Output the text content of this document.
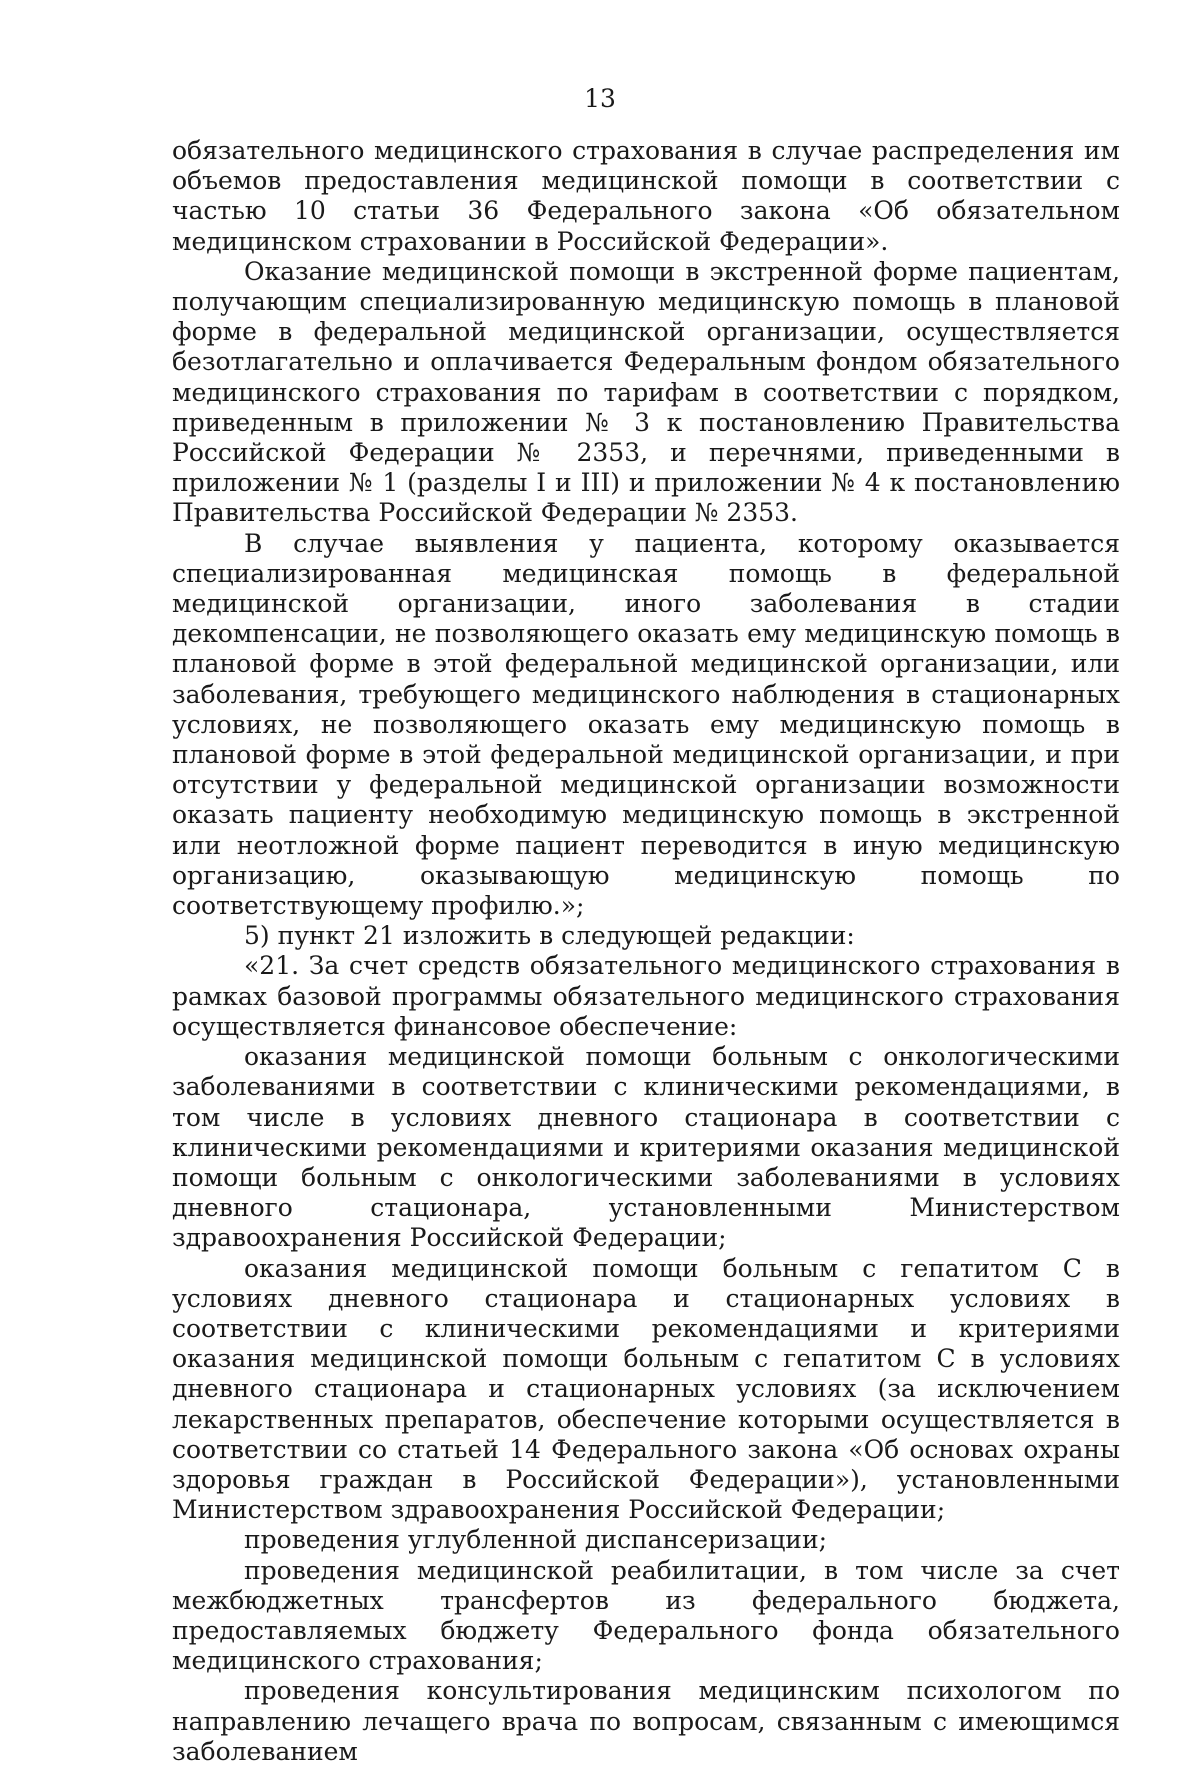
13

обязательного медицинского страхования в случае распределения им объемов предоставления медицинской помощи в соответствии с частью 10 статьи 36 Федерального закона «Об обязательном медицинском страховании в Российской Федерации».

Оказание медицинской помощи в экстренной форме пациентам, получающим специализированную медицинскую помощь в плановой форме в федеральной медицинской организации, осуществляется безотлагательно и оплачивается Федеральным фондом обязательного медицинского страхования по тарифам в соответствии с порядком, приведенным в приложении № 3 к постановлению Правительства Российской Федерации № 2353, и перечнями, приведенными в приложении № 1 (разделы I и III) и приложении № 4 к постановлению Правительства Российской Федерации № 2353.

В случае выявления у пациента, которому оказывается специализированная медицинская помощь в федеральной медицинской организации, иного заболевания в стадии декомпенсации, не позволяющего оказать ему медицинскую помощь в плановой форме в этой федеральной медицинской организации, или заболевания, требующего медицинского наблюдения в стационарных условиях, не позволяющего оказать ему медицинскую помощь в плановой форме в этой федеральной медицинской организации, и при отсутствии у федеральной медицинской организации возможности оказать пациенту необходимую медицинскую помощь в экстренной или неотложной форме пациент переводится в иную медицинскую организацию, оказывающую медицинскую помощь по соответствующему профилю.»;

5) пункт 21 изложить в следующей редакции:

«21. За счет средств обязательного медицинского страхования в рамках базовой программы обязательного медицинского страхования осуществляется финансовое обеспечение:

оказания медицинской помощи больным с онкологическими заболеваниями в соответствии с клиническими рекомендациями, в том числе в условиях дневного стационара в соответствии с клиническими рекомендациями и критериями оказания медицинской помощи больным с онкологическими заболеваниями в условиях дневного стационара, установленными Министерством здравоохранения Российской Федерации;

оказания медицинской помощи больным с гепатитом С в условиях дневного стационара и стационарных условиях в соответствии с клиническими рекомендациями и критериями оказания медицинской помощи больным с гепатитом С в условиях дневного стационара и стационарных условиях (за исключением лекарственных препаратов, обеспечение которыми осуществляется в соответствии со статьей 14 Федерального закона «Об основах охраны здоровья граждан в Российской Федерации»), установленными Министерством здравоохранения Российской Федерации;

проведения углубленной диспансеризации;

проведения медицинской реабилитации, в том числе за счет межбюджетных трансфертов из федерального бюджета, предоставляемых бюджету Федерального фонда обязательного медицинского страхования;

проведения консультирования медицинским психологом по направлению лечащего врача по вопросам, связанным с имеющимся заболеванием
